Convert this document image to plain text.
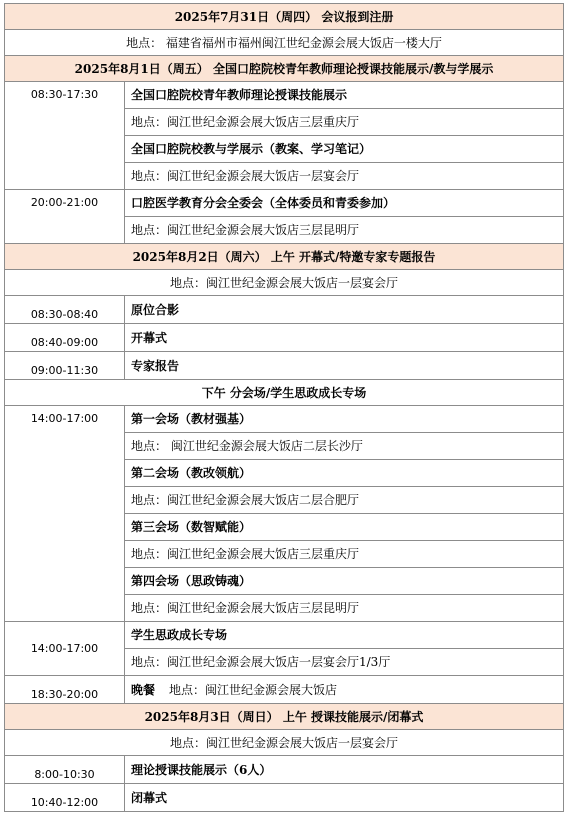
2025年7月31日（周四） 会议报到注册	
地点： 福建省福州市福州闽江世纪金源会展大饭店一楼大厅	
2025年8月1日（周五） 全国口腔院校青年教师理论授课技能展示/教与学展示	
08:30-17:30	全国口腔院校青年教师理论授课技能展示
	地点：闽江世纪金源会展大饭店三层重庆厅
	全国口腔院校教与学展示（教案、学习笔记）
	地点：闽江世纪金源会展大饭店一层宴会厅
20:00-21:00	口腔医学教育分会全委会（全体委员和青委参加）
	地点：闽江世纪金源会展大饭店三层昆明厅
2025年8月2日（周六） 上午 开幕式/特邀专家专题报告	
地点：闽江世纪金源会展大饭店一层宴会厅	
08:30-08:40	原位合影
08:40-09:00	开幕式
09:00-11:30	专家报告
下午 分会场/学生思政成长专场	
14:00-17:00	第一会场（教材强基）
	地点： 闽江世纪金源会展大饭店二层长沙厅
	第二会场（教改领航）
	地点：闽江世纪金源会展大饭店二层合肥厅
	第三会场（数智赋能）
	地点：闽江世纪金源会展大饭店三层重庆厅
	第四会场（思政铸魂）
	地点：闽江世纪金源会展大饭店三层昆明厅
14:00-17:00	学生思政成长专场
	地点：闽江世纪金源会展大饭店一层宴会厅1/3厅
18:30-20:00	晚餐 地点：闽江世纪金源会展大饭店
2025年8月3日（周日） 上午 授课技能展示/闭幕式	
地点：闽江世纪金源会展大饭店一层宴会厅	
8:00-10:30	理论授课技能展示（6人）
10:40-12:00	闭幕式
